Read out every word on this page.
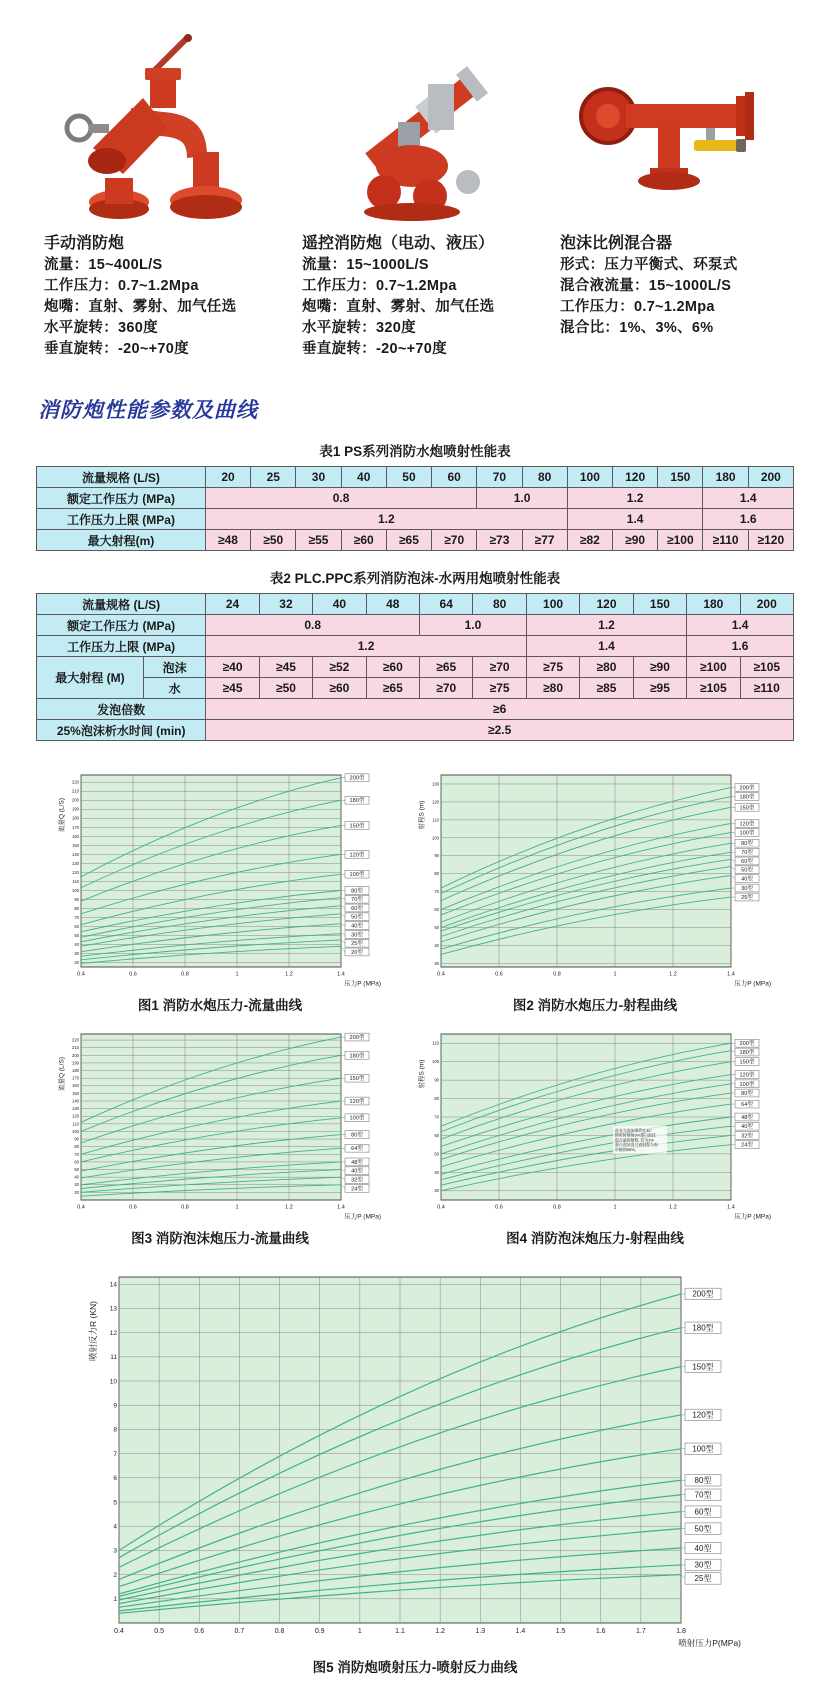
手动消防炮
流量：15~400L/S
工作压力：0.7~1.2Mpa
炮嘴：直射、雾射、加气任选
水平旋转：360度
垂直旋转：-20~+70度
遥控消防炮（电动、液压）
流量：15~1000L/S
工作压力：0.7~1.2Mpa
炮嘴：直射、雾射、加气任选
水平旋转：320度
垂直旋转：-20~+70度
泡沫比例混合器
形式：压力平衡式、环泵式
混合液流量：15~1000L/S
工作压力：0.7~1.2Mpa
混合比：1%、3%、6%
消防炮性能参数及曲线
表1 PS系列消防水炮喷射性能表
流量规格 (L/S)	20	25	30	40	50	60	70	80	100	120	150	180	200
额定工作压力 (MPa)	0.8						1.0		1.2			1.4	
工作压力上限 (MPa)	1.2								1.4			1.6	
最大射程(m)	≥48	≥50	≥55	≥60	≥65	≥70	≥73	≥77	≥82	≥90	≥100	≥110	≥120
表2 PLC.PPC系列消防泡沫-水两用炮喷射性能表
流量规格 (L/S)		24	32	40	48	64	80	100	120	150	180	200
额定工作压力 (MPa)		0.8				1.0		1.2			1.4	
工作压力上限 (MPa)		1.2						1.4			1.6	
最大射程 (M)	泡沫	≥40	≥45	≥52	≥60	≥65	≥70	≥75	≥80	≥90	≥100	≥105
	水	≥45	≥50	≥60	≥65	≥70	≥75	≥80	≥85	≥95	≥105	≥110
发泡倍数		≥6										
25%泡沫析水时间 (min)		≥2.5										
0.4	0.6	0.8	1	1.2	1.4
20
30
40
50
60
70
80
90
100
110
120
130
140
150
160
170
180
190
200
210
220
200型
180型
150型
120型
100型
80型
70型
60型
50型
40型
30型
25型
20型
流量Q (L/S)
压力P (MPa)
图1 消防水炮压力-流量曲线
0.4	0.6	0.8	1	1.2	1.4
30
40
50
60
70
80
90
100
110
120
130
200型
180型
150型
120型
100型
80型
70型
60型
50型
40型
30型
25型
射程S (m)
压力P (MPa)
图2 消防水炮压力-射程曲线
0.4	0.6	0.8	1	1.2	1.4
20
30
40
50
60
70
80
90
100
110
120
130
140
150
160
170
180
190
200
210
220	200型
180型
150型
120型
100型
80型
64型
48型
40型
32型
24型
流量Q (L/S)
压力P (MPa)
图3 消防泡沫炮压力-流量曲线
0.4	0.6	0.8	1	1.2	1.4
30
40
50
60
70
80
90
100
110	200型
180型
150型
120型
100型
80型
64型
48型
40型
32型
24型
射程S (m)
压力P (MPa)
此表为泡沫喷管在30°
仰角时喷射6%蛋白泡沫
混合液的射程, 若为3%
蛋白泡沫混合液射程为表
中值的88%。
图4 消防泡沫炮压力-射程曲线
0.4	0.5	0.6	0.7	0.8	0.9	1	1.1	1.2	1.3	1.4	1.5	1.6	1.7	1.8
1
2
3
4
5
6
7
8
9
10
11
12
13
14
200型
180型
150型
120型
100型
80型
70型
60型
50型
40型
30型
25型
喷射反力R (KN)
喷射压力P(MPa)
图5 消防炮喷射压力-喷射反力曲线
